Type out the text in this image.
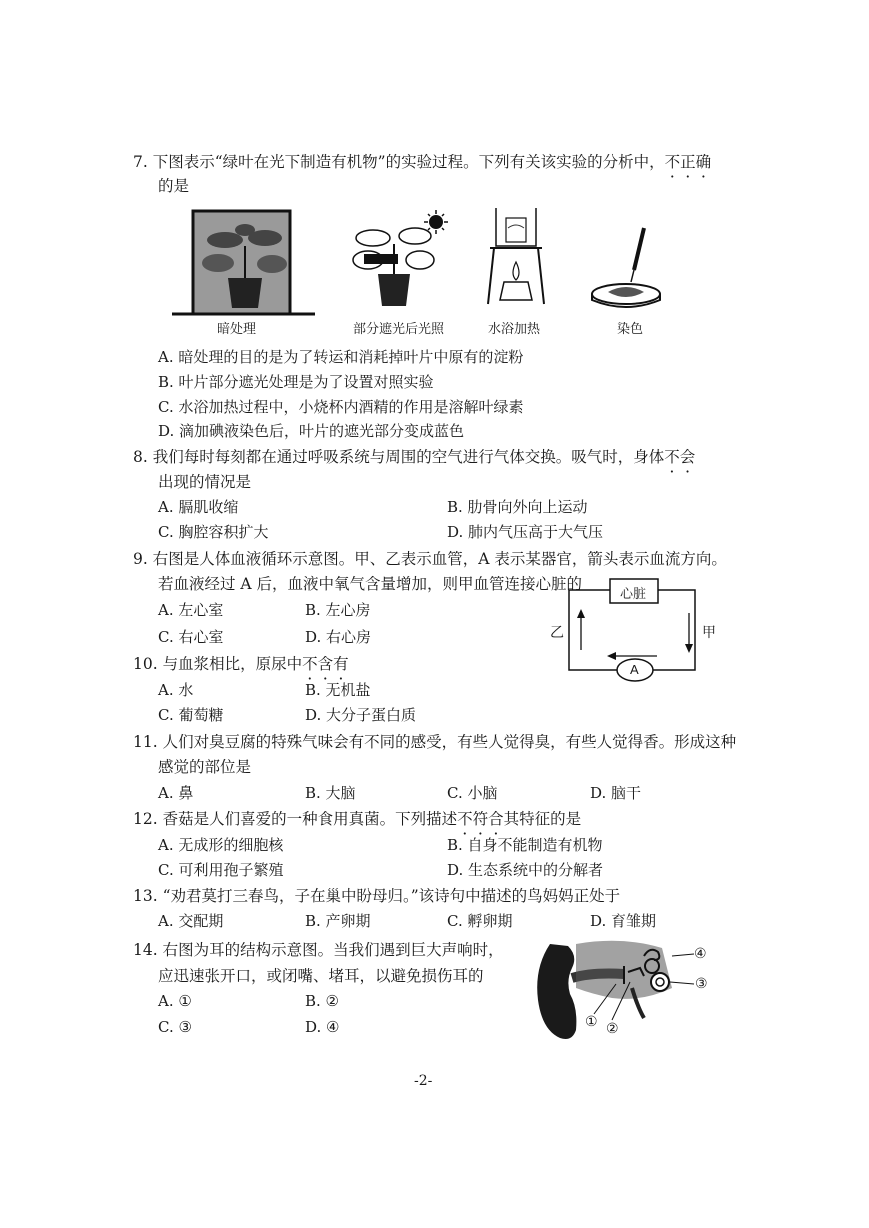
7. 下图表示“绿叶在光下制造有机物”的实验过程。下列有关该实验的分析中，不正确
的是
暗处理	部分遮光后光照	水浴加热	染色
A. 暗处理的目的是为了转运和消耗掉叶片中原有的淀粉
B. 叶片部分遮光处理是为了设置对照实验
C. 水浴加热过程中，小烧杯内酒精的作用是溶解叶绿素
D. 滴加碘液染色后，叶片的遮光部分变成蓝色
8. 我们每时每刻都在通过呼吸系统与周围的空气进行气体交换。吸气时，身体不会
出现的情况是
A. 膈肌收缩	B. 肋骨向外向上运动
C. 胸腔容积扩大	D. 肺内气压高于大气压
9. 右图是人体血液循环示意图。甲、乙表示血管，A 表示某器官，箭头表示血流方向。
若血液经过 A 后，血液中氧气含量增加，则甲血管连接心脏的
A. 左心室	B. 左心房
C. 右心室	D. 右心房
心脏
乙	甲
A
10. 与血浆相比，原尿中不含有
A. 水	B. 无机盐
C. 葡萄糖	D. 大分子蛋白质
11. 人们对臭豆腐的特殊气味会有不同的感受，有些人觉得臭，有些人觉得香。形成这种
感觉的部位是
A. 鼻	B. 大脑	C. 小脑	D. 脑干
12. 香菇是人们喜爱的一种食用真菌。下列描述不符合其特征的是
A. 无成形的细胞核	B. 自身不能制造有机物
C. 可利用孢子繁殖	D. 生态系统中的分解者
13. “劝君莫打三春鸟，子在巢中盼母归。”该诗句中描述的鸟妈妈正处于
A. 交配期	B. 产卵期	C. 孵卵期	D. 育雏期
14. 右图为耳的结构示意图。当我们遇到巨大声响时，
应迅速张开口，或闭嘴、堵耳，以避免损伤耳的
A. ①	B. ②
C. ③	D. ④
④
③
① ②
-2-
